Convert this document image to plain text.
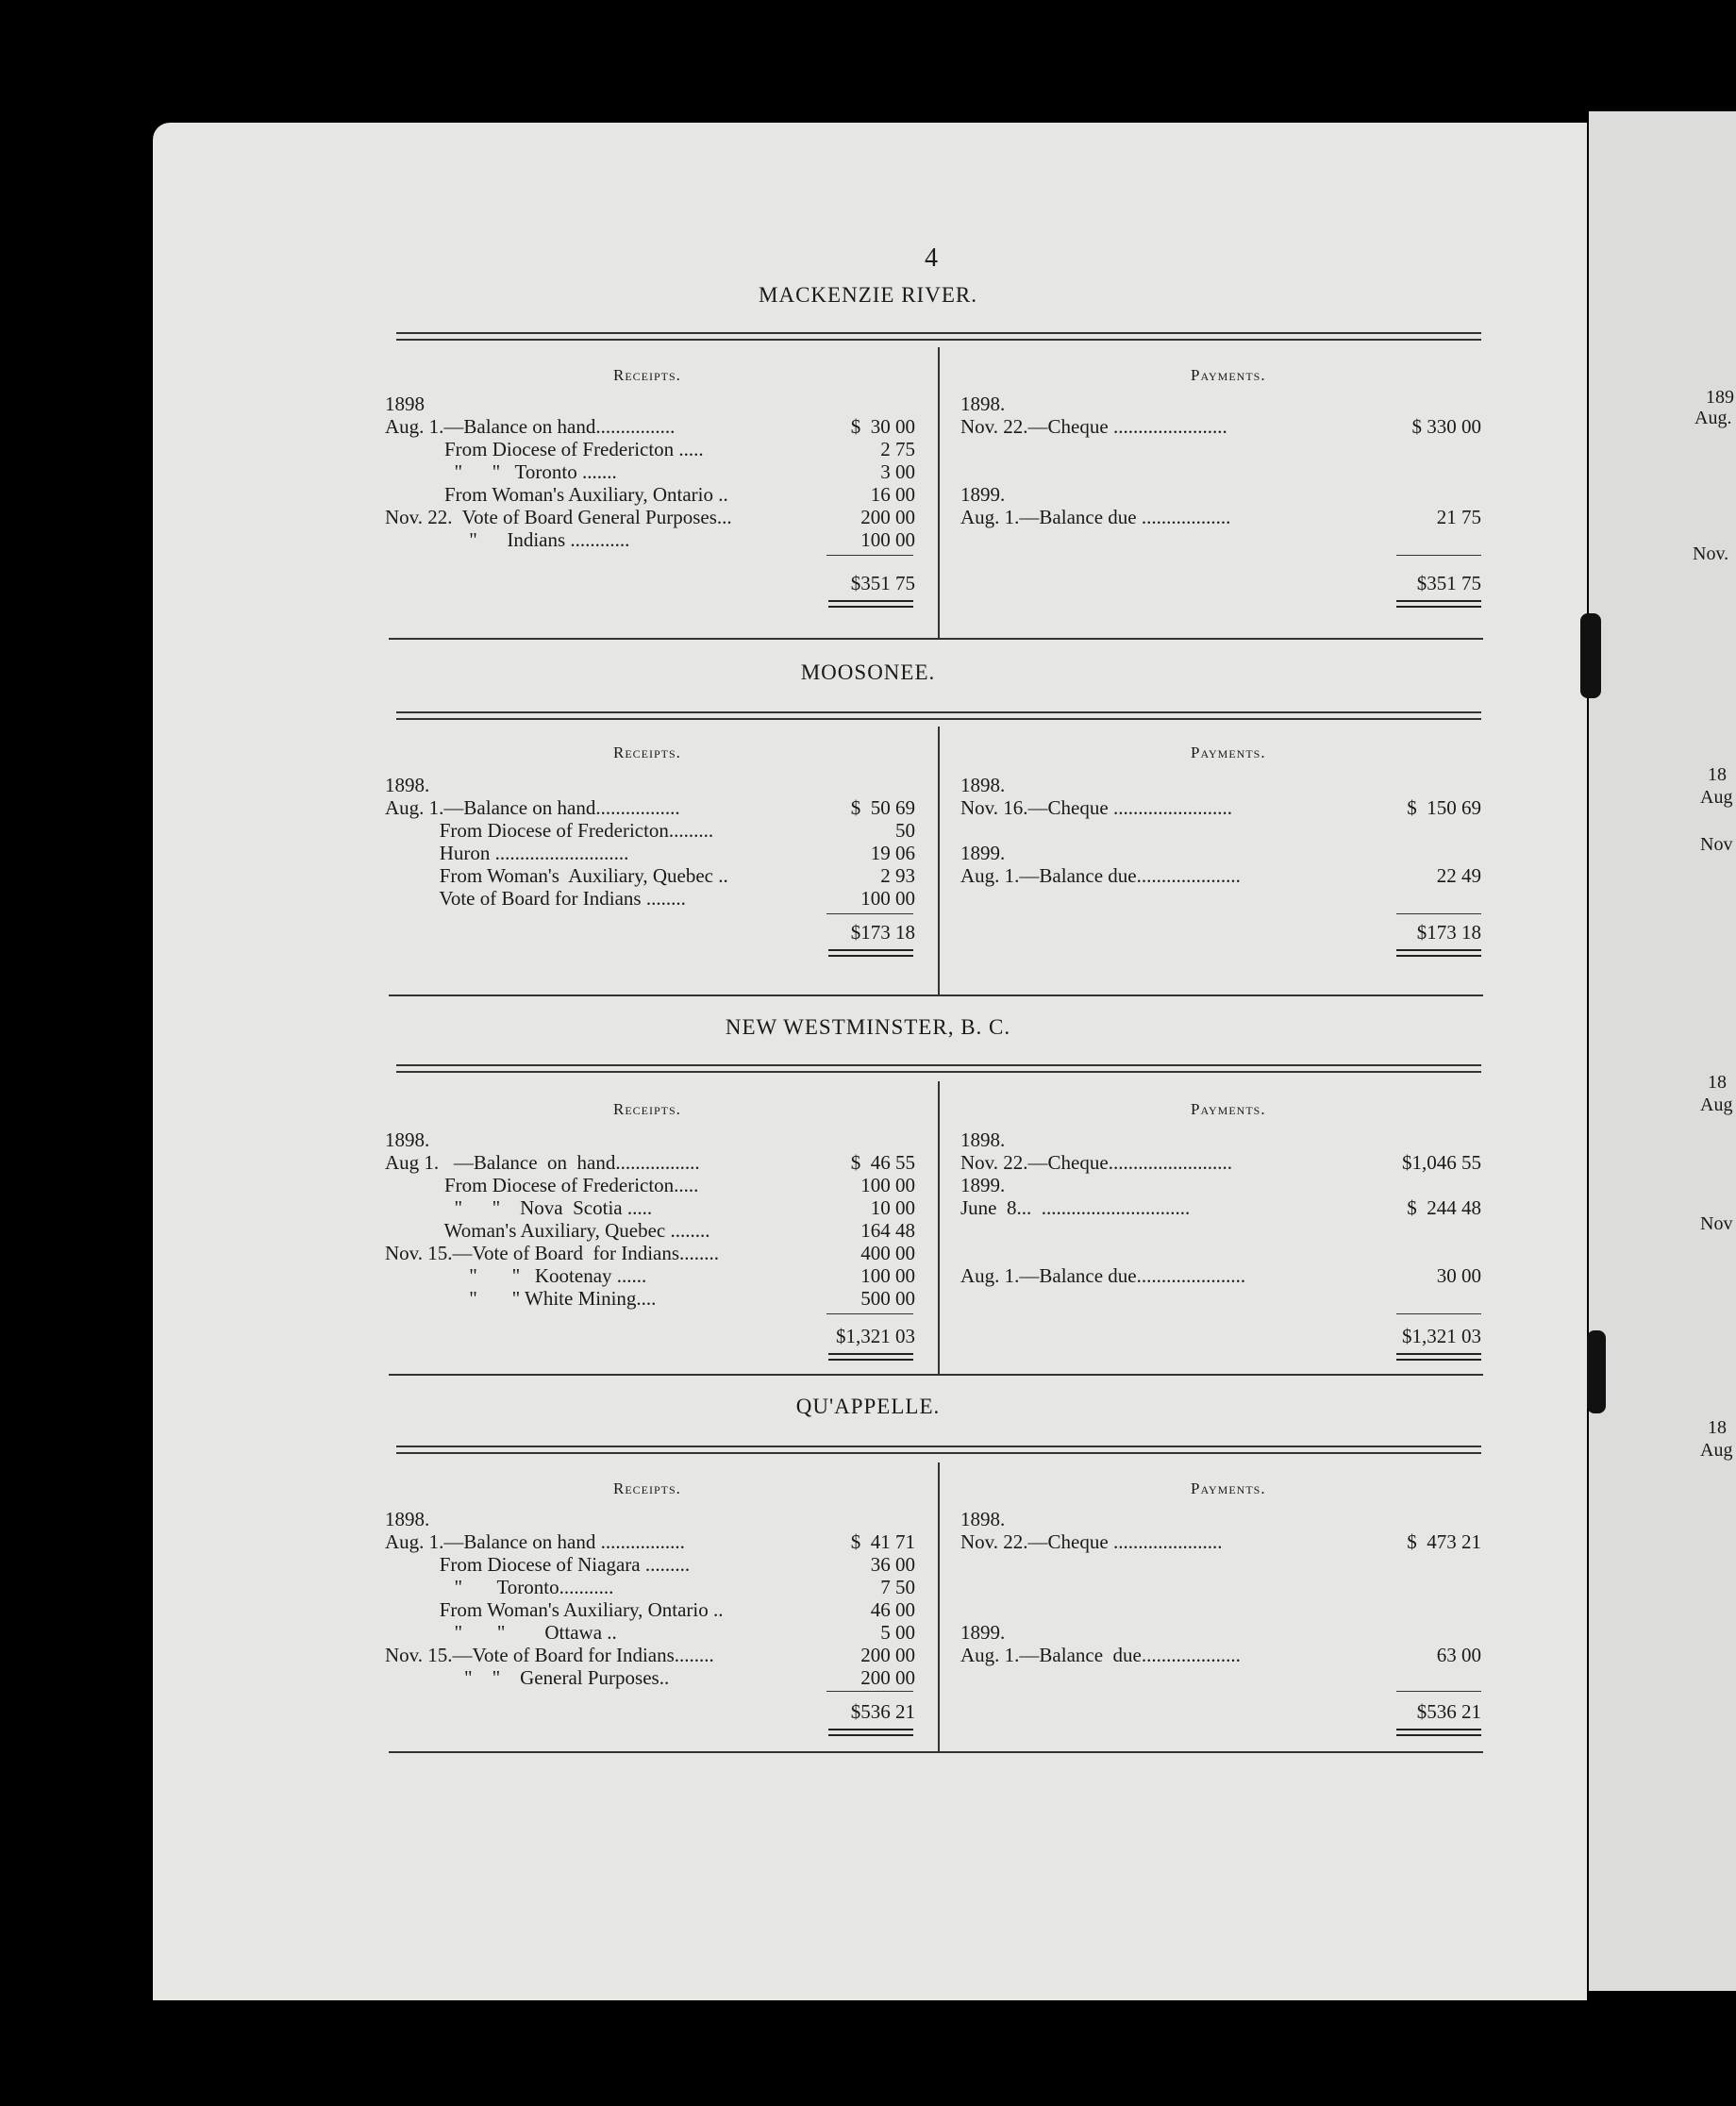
189
Aug.
Nov.
18
Aug
Nov
18
Aug
Nov
18
Aug
4
MACKENZIE RIVER.
Receipts.	Payments.
1898
Aug. 1.—Balance on hand................	$  30 00
From Diocese of Fredericton .....	2 75
"      "   Toronto .......	3 00
From Woman's Auxiliary, Ontario ..	16 00
Nov. 22.  Vote of Board General Purposes...	200 00
"      Indians ............	100 00
1898.
Nov. 22.—Cheque .......................	$ 330 00
1899.
Aug. 1.—Balance due ..................	21 75
$351 75	$351 75
MOOSONEE.
Receipts.	Payments.
1898.
Aug. 1.—Balance on hand.................	$  50 69
From Diocese of Fredericton.........	50
Huron ...........................	19 06
From Woman's  Auxiliary, Quebec ..	2 93
Vote of Board for Indians ........	100 00
1898.
Nov. 16.—Cheque ........................	$  150 69
1899.
Aug. 1.—Balance due.....................	22 49
$173 18	$173 18
NEW WESTMINSTER, B. C.
Receipts.	Payments.
1898.
Aug 1.   —Balance  on  hand.................	$  46 55
From Diocese of Fredericton.....	100 00
"      "    Nova  Scotia .....	10 00
Woman's Auxiliary, Quebec ........	164 48
Nov. 15.—Vote of Board  for Indians........	400 00
"       "   Kootenay ......	100 00
"       " White Mining....	500 00
1898.
Nov. 22.—Cheque.........................	$1,046 55
1899.
June  8...  ..............................	$  244 48
Aug. 1.—Balance due......................	30 00
$1,321 03	$1,321 03
QU'APPELLE.
Receipts.	Payments.
1898.
Aug. 1.—Balance on hand .................	$  41 71
From Diocese of Niagara .........	36 00
"       Toronto...........	7 50
From Woman's Auxiliary, Ontario ..	46 00
"       "        Ottawa ..	5 00
Nov. 15.—Vote of Board for Indians........	200 00
"    "    General Purposes..	200 00
1898.
Nov. 22.—Cheque ......................	$  473 21
1899.
Aug. 1.—Balance  due....................	63 00
$536 21	$536 21
